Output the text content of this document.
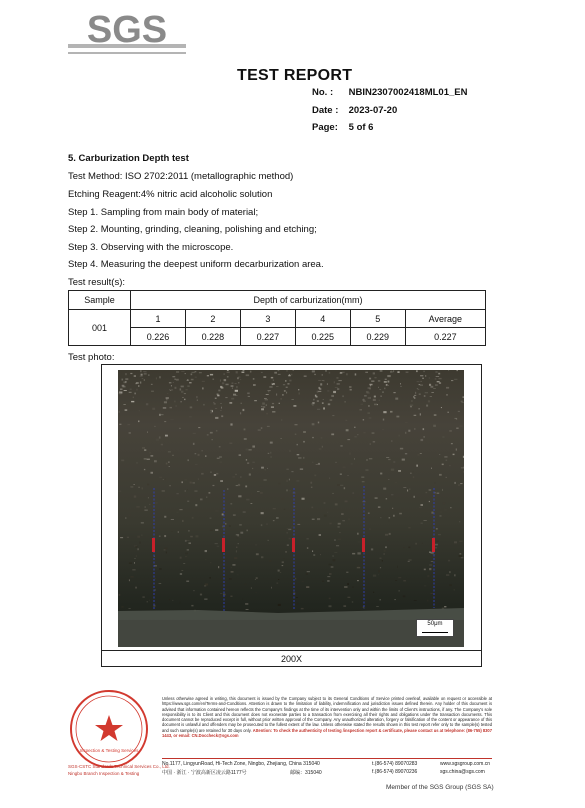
SGS
TEST REPORT
No. : NBIN2307002418ML01_EN
Date : 2023-07-20
Page: 5 of 6
5. Carburization Depth test
Test Method: ISO 2702:2011 (metallographic method)
Etching Reagent:4% nitric acid alcoholic solution
Step 1. Sampling from main body of material;
Step 2. Mounting, grinding, cleaning, polishing and etching;
Step 3. Observing with the microscope.
Step 4. Measuring the deepest uniform decarburization area.
Test result(s):
Sample	Depth of carburization(mm)					
001	1	2	3	4	5	Average
	0.226	0.228	0.227	0.225	0.229	0.227
Test photo:
50μm
200X
Inspection & Testing Services
SGS-CSTC Standards Technical Services Co., Ltd.
Ningbo Branch Inspection & Testing
Unless otherwise agreed in writing, this document is issued by the Company subject to its General Conditions of Service printed overleaf, available on request or accessible at https://www.sgs.com/en/Terms-and-Conditions. Attention is drawn to the limitation of liability, indemnification and jurisdiction issues defined therein. Any holder of this document is advised that information contained hereon reflects the Company's findings at the time of its intervention only and within the limits of Client's instructions, if any. The Company's sole responsibility is to its Client and this document does not exonerate parties to a transaction from exercising all their rights and obligations under the transaction documents. This document cannot be reproduced except in full, without prior written approval of the Company. Any unauthorized alteration, forgery or falsification of the content or appearance of this document is unlawful and offenders may be prosecuted to the fullest extent of the law. Unless otherwise stated the results shown in this test report refer only to the sample(s) tested and such sample(s) are retained for 30 days only. Attention: To check the authenticity of testing /inspection report & certificate, please contact us at telephone: (86-755) 8307 1443, or email: CN.Doccheck@sgs.com
No.1177, LingyunRoad, Hi-Tech Zone, Ningbo, Zhejiang, China 315040	t.(86-574) 89070283	www.sgsgroup.com.cn
中国 · 浙江 · 宁波高新区凌云路1177号	邮编：315040	f.(86-574) 89070236	sgs.china@sgs.com
Member of the SGS Group (SGS SA)
